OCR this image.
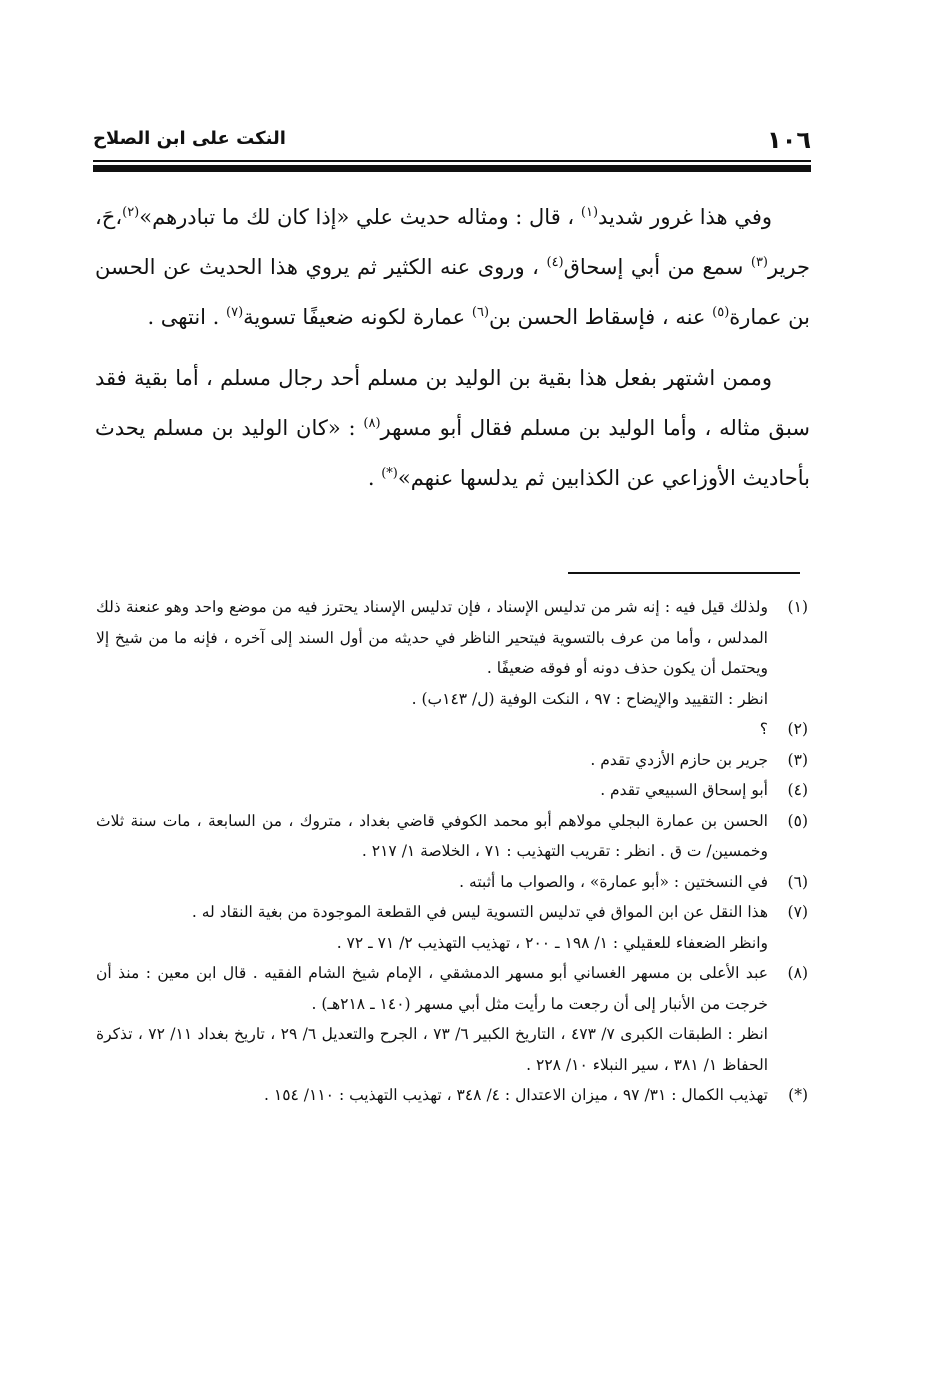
١٠٦
النكت على ابن الصلاح

وفي هذا غرور شديد$^{(١)}$ ، قال : ومثاله حديث علي «إذا كان لك ما تبادرهم»$^{(٢)}$،حَ، جرير$^{(٣)}$ سمع من أبي إسحاق$^{(٤)}$ ، وروى عنه الكثير ثم يروي هذا الحديث عن الحسن بن عمارة$^{(٥)}$ عنه ، فإسقاط الحسن بن$^{(٦)}$ عمارة لكونه ضعيفًا تسوية$^{(٧)}$ . انتهى .

وممن اشتهر بفعل هذا بقية بن الوليد بن مسلم أحد رجال مسلم ، أما بقية فقد سبق مثاله ، وأما الوليد بن مسلم فقال أبو مسهر$^{(٨)}$ : «كان الوليد بن مسلم يحدث بأحاديث الأوزاعي عن الكذابين ثم يدلسها عنهم»(*) .

(١)
ولذلك قيل فيه : إنه شر من تدليس الإسناد ، فإن تدليس الإسناد يحترز فيه من موضع واحد وهو عنعنة ذلك المدلس ، وأما من عرف بالتسوية فيتحير الناظر في حديثه من أول السند إلى آخره ، فإنه ما من شيخ إلا ويحتمل أن يكون حذف دونه أو فوقه ضعيفًا .
انظر : التقييد والإيضاح : ٩٧ ، النكت الوفية (ل/ ١٤٣ب) .
(٢)
؟
(٣)
جرير بن حازم الأزدي تقدم .
(٤)
أبو إسحاق السبيعي تقدم .
(٥)
الحسن بن عمارة البجلي مولاهم أبو محمد الكوفي قاضي بغداد ، متروك ، من السابعة ، مات سنة ثلاث وخمسين/ ت ق . انظر : تقريب التهذيب : ٧١ ، الخلاصة ١/ ٢١٧ .
(٦)
في النسختين : «أبو عمارة» ، والصواب ما أثبته .
(٧)
هذا النقل عن ابن المواق في تدليس التسوية ليس في القطعة الموجودة من بغية النقاد له .
وانظر الضعفاء للعقيلي : ١/ ١٩٨ ـ ٢٠٠ ، تهذيب التهذيب ٢/ ٧١ ـ ٧٢ .
(٨)
عبد الأعلى بن مسهر الغساني أبو مسهر الدمشقي ، الإمام شيخ الشام الفقيه . قال ابن معين : منذ أن خرجت من الأنبار إلى أن رجعت ما رأيت مثل أبي مسهر (١٤٠ ـ ٢١٨هـ) .
انظر : الطبقات الكبرى ٧/ ٤٧٣ ، التاريخ الكبير ٦/ ٧٣ ، الجرح والتعديل ٦/ ٢٩ ، تاريخ بغداد ١١/ ٧٢ ، تذكرة الحفاظ ١/ ٣٨١ ، سير النبلاء ١٠/ ٢٢٨ .
(*)
تهذيب الكمال : ٣١/ ٩٧ ، ميزان الاعتدال : ٤/ ٣٤٨ ، تهذيب التهذيب : ١١٠/ ١٥٤ .
